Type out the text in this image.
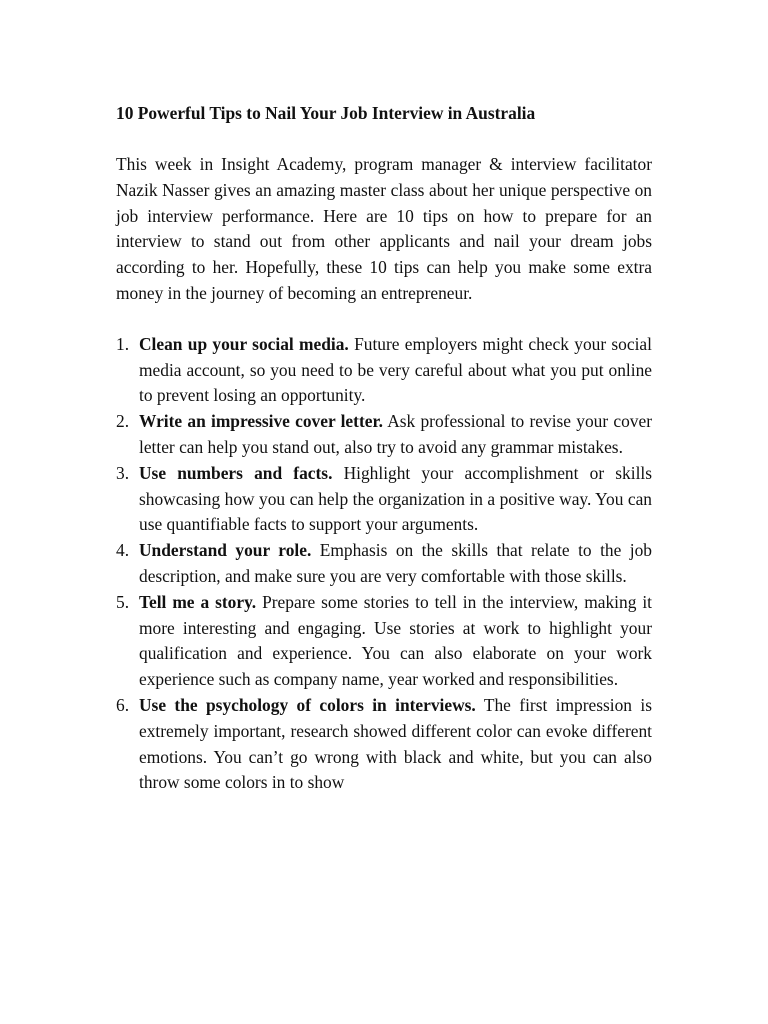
10 Powerful Tips to Nail Your Job Interview in Australia

This week in Insight Academy, program manager & interview facilitator Nazik Nasser gives an amazing master class about her unique perspective on job interview performance. Here are 10 tips on how to prepare for an interview to stand out from other applicants and nail your dream jobs according to her. Hopefully, these 10 tips can help you make some extra money in the journey of becoming an entrepreneur.

1. Clean up your social media. Future employers might check your social media account, so you need to be very careful about what you put online to prevent losing an opportunity.
2. Write an impressive cover letter. Ask professional to revise your cover letter can help you stand out, also try to avoid any grammar mistakes.
3. Use numbers and facts. Highlight your accomplishment or skills showcasing how you can help the organization in a positive way. You can use quantifiable facts to support your arguments.
4. Understand your role. Emphasis on the skills that relate to the job description, and make sure you are very comfortable with those skills.
5. Tell me a story. Prepare some stories to tell in the interview, making it more interesting and engaging. Use stories at work to highlight your qualification and experience. You can also elaborate on your work experience such as company name, year worked and responsibilities.
6. Use the psychology of colors in interviews. The first impression is extremely important, research showed different color can evoke different emotions. You can’t go wrong with black and white, but you can also throw some colors in to show
